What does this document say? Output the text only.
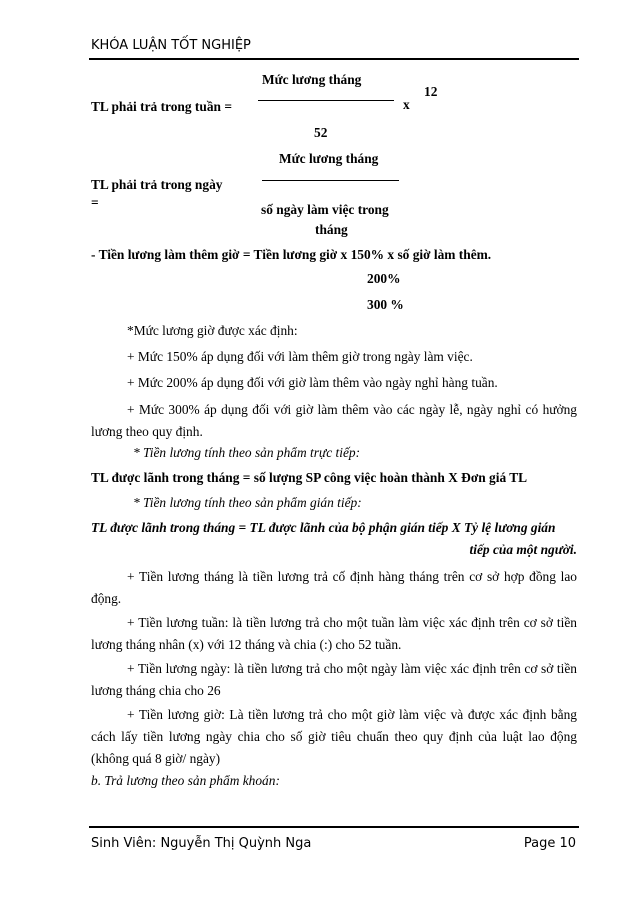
KHÓA LUẬN TỐT NGHIỆP
Mức lương tháng
12
TL phải trả trong tuần =	x
52
Mức lương tháng
TL phải trả trong ngày
=	số ngày làm việc trong
tháng
- Tiền lương làm thêm giờ = Tiền lương giờ x 150% x số giờ làm thêm.
200%
300 %
*Mức lương giờ được xác định:
+ Mức 150% áp dụng đối với làm thêm giờ trong ngày làm việc.
+ Mức 200% áp dụng đối với giờ làm thêm vào ngày nghỉ hàng tuần.
+ Mức 300% áp dụng đối với giờ làm thêm vào các ngày lễ, ngày nghỉ có hưởng lương theo quy định.
* Tiền lương tính theo sản phẩm trực tiếp:
TL được lãnh trong tháng = số lượng SP công việc hoàn thành X Đơn giá TL
* Tiền lương tính theo sản phẩm gián tiếp:
TL được lãnh trong tháng = TL được lãnh của bộ phận gián tiếp X Tỷ lệ lương gián
tiếp của một người.
+ Tiền lương tháng là tiền lương trả cố định hàng tháng trên cơ sở hợp đồng lao động.
+ Tiền lương tuần: là tiền lương trả cho một tuần làm việc xác định trên cơ sở tiền lương tháng nhân (x) với 12 tháng và chia (:) cho 52 tuần.
+ Tiền lương ngày: là tiền lương trả cho một ngày làm việc xác định trên cơ sở tiền lương tháng chia cho 26
+ Tiền lương giờ: Là tiền lương trả cho một giờ làm việc và được xác định bằng cách lấy tiền lương ngày chia cho số giờ tiêu chuẩn theo quy định của luật lao động (không quá 8 giờ/ ngày)
b. Trả lương theo sản phẩm khoán:
Sinh Viên: Nguyễn Thị Quỳnh Nga	Page 10
